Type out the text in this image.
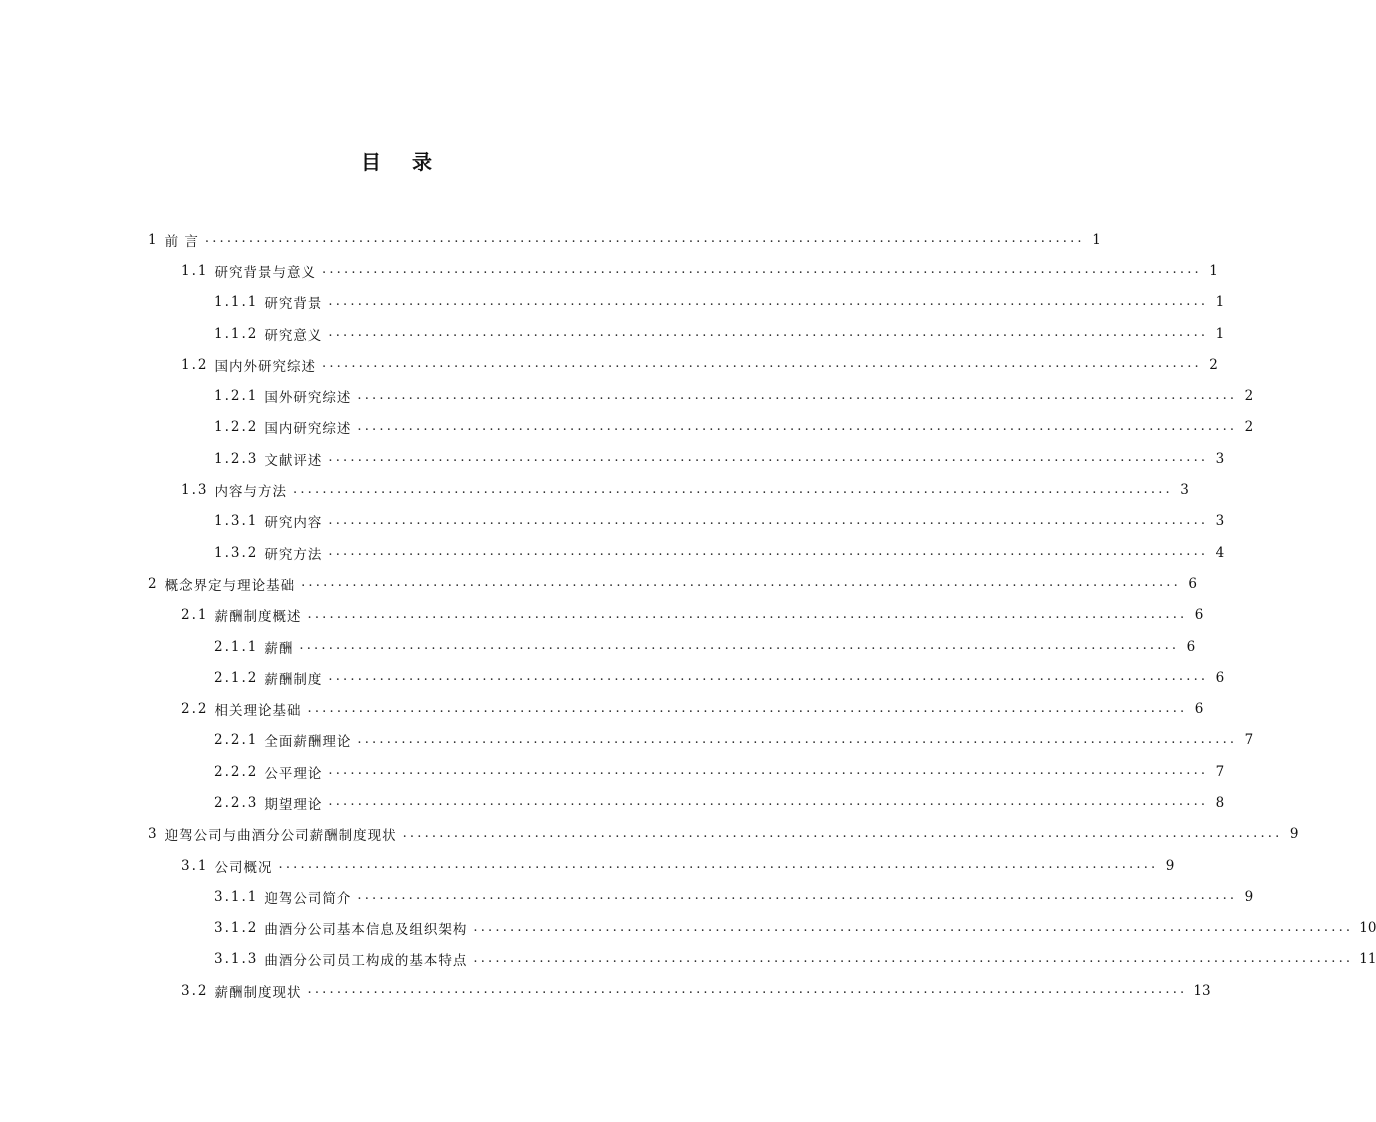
目 录
1 前 言 ........................................................................................................................ 1
1.1 研究背景与意义 ........................................................................................................................ 1
1.1.1 研究背景 ........................................................................................................................ 1
1.1.2 研究意义 ........................................................................................................................ 1
1.2 国内外研究综述 ........................................................................................................................ 2
1.2.1 国外研究综述 ........................................................................................................................ 2
1.2.2 国内研究综述 ........................................................................................................................ 2
1.2.3 文献评述 ........................................................................................................................ 3
1.3 内容与方法 ........................................................................................................................ 3
1.3.1 研究内容 ........................................................................................................................ 3
1.3.2 研究方法 ........................................................................................................................ 4
2 概念界定与理论基础 ........................................................................................................................ 6
2.1 薪酬制度概述 ........................................................................................................................ 6
2.1.1 薪酬 ........................................................................................................................ 6
2.1.2 薪酬制度 ........................................................................................................................ 6
2.2 相关理论基础 ........................................................................................................................ 6
2.2.1 全面薪酬理论 ........................................................................................................................ 7
2.2.2 公平理论 ........................................................................................................................ 7
2.2.3 期望理论 ........................................................................................................................ 8
3 迎驾公司与曲酒分公司薪酬制度现状 ........................................................................................................................ 9
3.1 公司概况 ........................................................................................................................ 9
3.1.1 迎驾公司简介 ........................................................................................................................ 9
3.1.2 曲酒分公司基本信息及组织架构 ........................................................................................................................ 10
3.1.3 曲酒分公司员工构成的基本特点 ........................................................................................................................ 11
3.2 薪酬制度现状 ........................................................................................................................ 13
